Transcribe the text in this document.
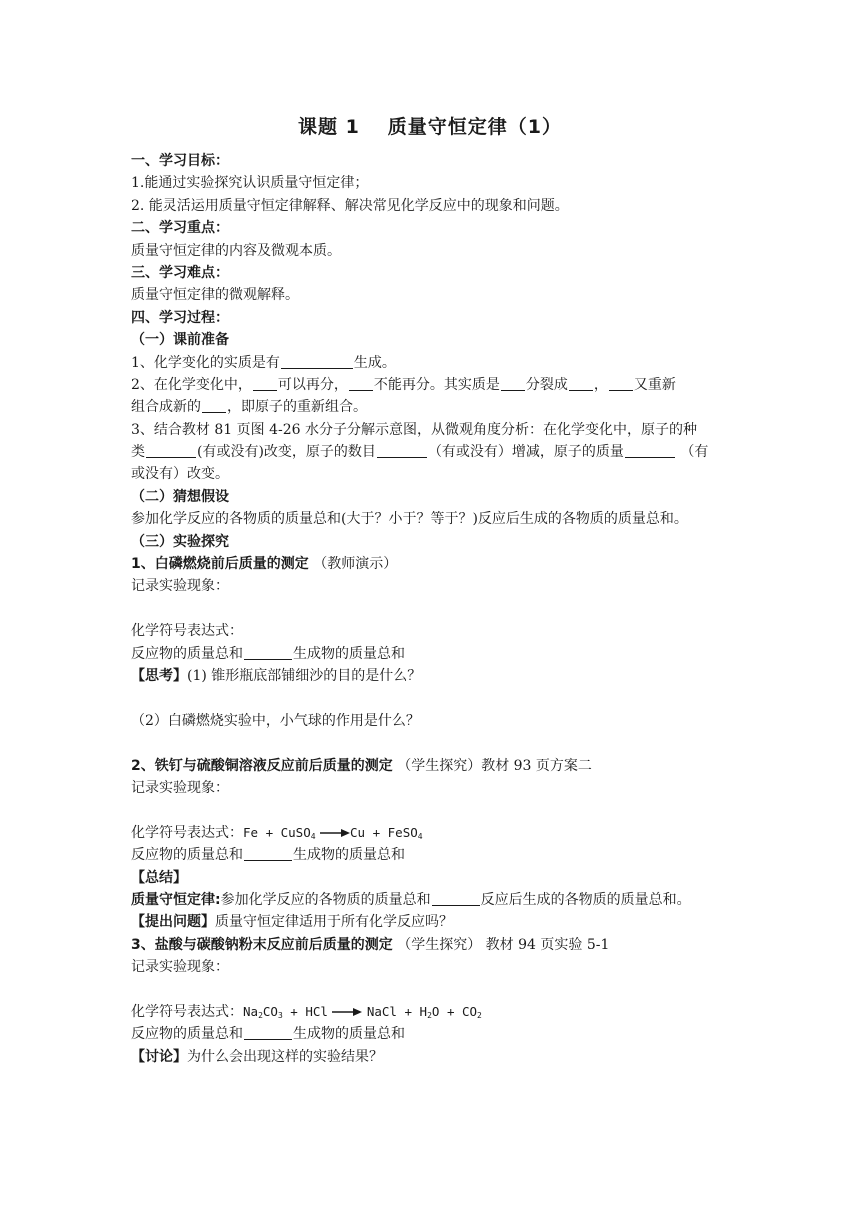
课题 1 质量守恒定律（1）
一、学习目标：
1.能通过实验探究认识质量守恒定律；
2. 能灵活运用质量守恒定律解释、解决常见化学反应中的现象和问题。
二、学习重点：
质量守恒定律的内容及微观本质。
三、学习难点：
质量守恒定律的微观解释。
四、学习过程：
（一）课前准备
1、化学变化的实质是有	生成。
2、在化学变化中， 可以再分， 不能再分。其实质是 分裂成 ， 又重新
组合成新的 ，即原子的重新组合。
3、结合教材 81 页图 4-26 水分子分解示意图，从微观角度分析：在化学变化中，原子的种
类	(有或没有)改变，原子的数目	（有或没有）增减，原子的质量	（有
或没有）改变。
（二）猜想假设
参加化学反应的各物质的质量总和(大于？小于？等于？)反应后生成的各物质的质量总和。
（三）实验探究
1、白磷燃烧前后质量的测定 （教师演示）
记录实验现象：
化学符号表达式：
反应物的质量总和	生成物的质量总和
【思考】(1) 锥形瓶底部铺细沙的目的是什么？
（2）白磷燃烧实验中，小气球的作用是什么？
2、铁钉与硫酸铜溶液反应前后质量的测定 （学生探究）教材 93 页方案二
记录实验现象：
化学符号表达式：Fe + CuSO$_4$ →Cu + FeSO$_4$
反应物的质量总和	生成物的质量总和
【总结】
质量守恒定律:参加化学反应的各物质的质量总和	反应后生成的各物质的质量总和。
【提出问题】质量守恒定律适用于所有化学反应吗？
3、盐酸与碳酸钠粉末反应前后质量的测定 （学生探究） 教材 94 页实验 5-1
记录实验现象：
化学符号表达式：$Na_2CO_3$ + HCl → NaCl + $H_2O + CO_2$
反应物的质量总和	生成物的质量总和
【讨论】为什么会出现这样的实验结果？
